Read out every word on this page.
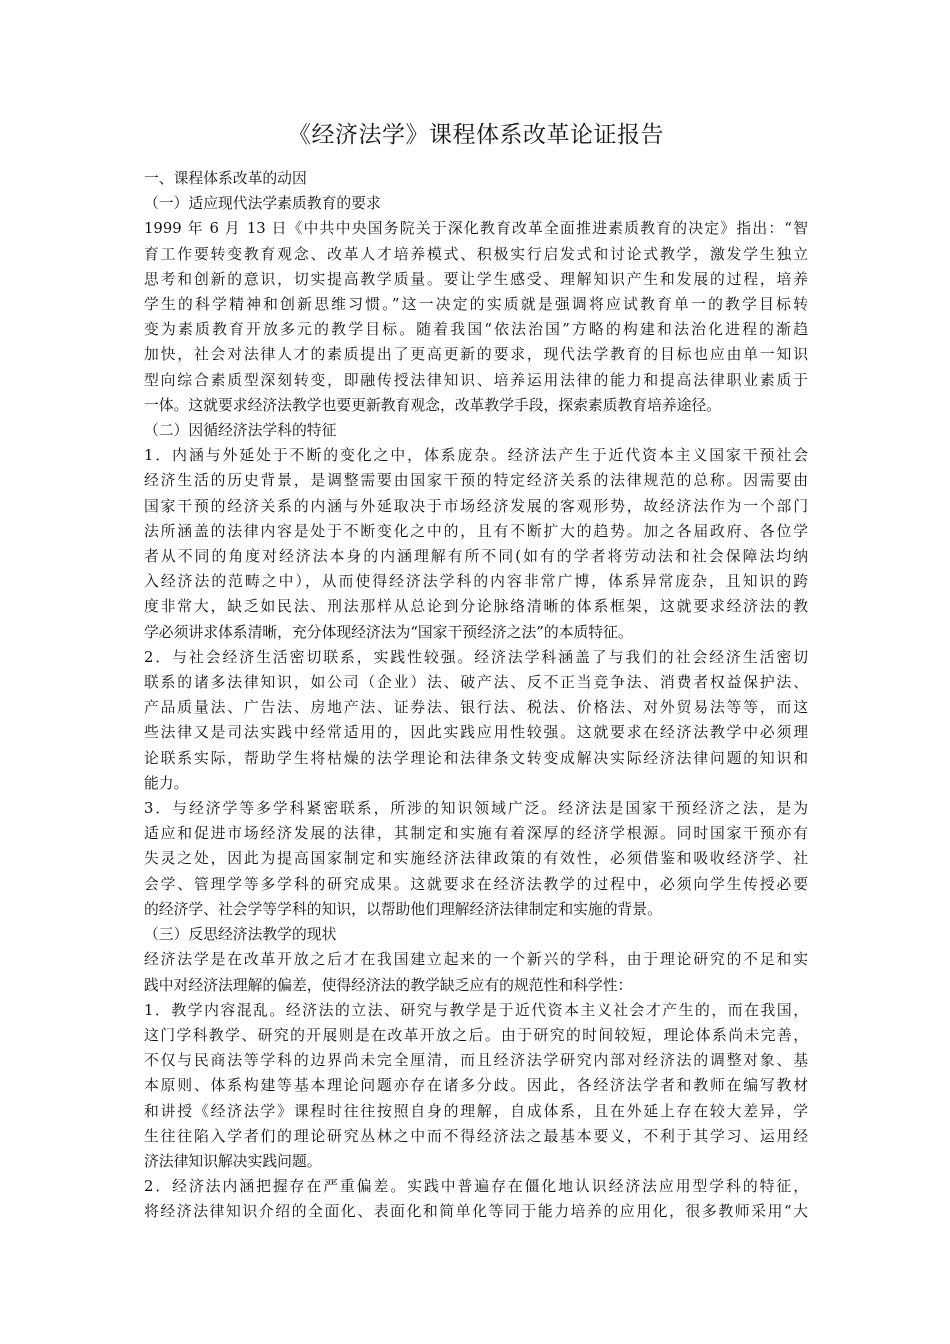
《经济法学》课程体系改革论证报告

一、课程体系改革的动因

（一）适应现代法学素质教育的要求

1999 年 6 月 13 日《中共中央国务院关于深化教育改革全面推进素质教育的决定》指出：“智

育工作要转变教育观念、改革人才培养模式、积极实行启发式和讨论式教学，激发学生独立

思考和创新的意识，切实提高教学质量。要让学生感受、理解知识产生和发展的过程，培养

学生的科学精神和创新思维习惯。”这一决定的实质就是强调将应试教育单一的教学目标转

变为素质教育开放多元的教学目标。随着我国“依法治国”方略的构建和法治化进程的渐趋

加快，社会对法律人才的素质提出了更高更新的要求，现代法学教育的目标也应由单一知识

型向综合素质型深刻转变，即融传授法律知识、培养运用法律的能力和提高法律职业素质于

一体。这就要求经济法教学也要更新教育观念，改革教学手段，探索素质教育培养途径。

（二）因循经济法学科的特征

1．内涵与外延处于不断的变化之中，体系庞杂。经济法产生于近代资本主义国家干预社会

经济生活的历史背景，是调整需要由国家干预的特定经济关系的法律规范的总称。因需要由

国家干预的经济关系的内涵与外延取决于市场经济发展的客观形势，故经济法作为一个部门

法所涵盖的法律内容是处于不断变化之中的，且有不断扩大的趋势。加之各届政府、各位学

者从不同的角度对经济法本身的内涵理解有所不同(如有的学者将劳动法和社会保障法均纳

入经济法的范畴之中），从而使得经济法学科的内容非常广博，体系异常庞杂，且知识的跨

度非常大，缺乏如民法、刑法那样从总论到分论脉络清晰的体系框架，这就要求经济法的教

学必须讲求体系清晰，充分体现经济法为“国家干预经济之法”的本质特征。

2．与社会经济生活密切联系，实践性较强。经济法学科涵盖了与我们的社会经济生活密切

联系的诸多法律知识，如公司（企业）法、破产法、反不正当竞争法、消费者权益保护法、

产品质量法、广告法、房地产法、证券法、银行法、税法、价格法、对外贸易法等等，而这

些法律又是司法实践中经常适用的，因此实践应用性较强。这就要求在经济法教学中必须理

论联系实际，帮助学生将枯燥的法学理论和法律条文转变成解决实际经济法律问题的知识和

能力。

3．与经济学等多学科紧密联系，所涉的知识领域广泛。经济法是国家干预经济之法，是为

适应和促进市场经济发展的法律，其制定和实施有着深厚的经济学根源。同时国家干预亦有

失灵之处，因此为提高国家制定和实施经济法律政策的有效性，必须借鉴和吸收经济学、社

会学、管理学等多学科的研究成果。这就要求在经济法教学的过程中，必须向学生传授必要

的经济学、社会学等学科的知识，以帮助他们理解经济法律制定和实施的背景。

（三）反思经济法教学的现状

经济法学是在改革开放之后才在我国建立起来的一个新兴的学科，由于理论研究的不足和实

践中对经济法理解的偏差，使得经济法的教学缺乏应有的规范性和科学性：

1．教学内容混乱。经济法的立法、研究与教学是于近代资本主义社会才产生的，而在我国，

这门学科教学、研究的开展则是在改革开放之后。由于研究的时间较短，理论体系尚未完善，

不仅与民商法等学科的边界尚未完全厘清，而且经济法学研究内部对经济法的调整对象、基

本原则、体系构建等基本理论问题亦存在诸多分歧。因此，各经济法学者和教师在编写教材

和讲授《经济法学》课程时往往按照自身的理解，自成体系，且在外延上存在较大差异，学

生往往陷入学者们的理论研究丛林之中而不得经济法之最基本要义，不利于其学习、运用经

济法律知识解决实践问题。

2．经济法内涵把握存在严重偏差。实践中普遍存在僵化地认识经济法应用型学科的特征，

将经济法律知识介绍的全面化、表面化和简单化等同于能力培养的应用化，很多教师采用“大
